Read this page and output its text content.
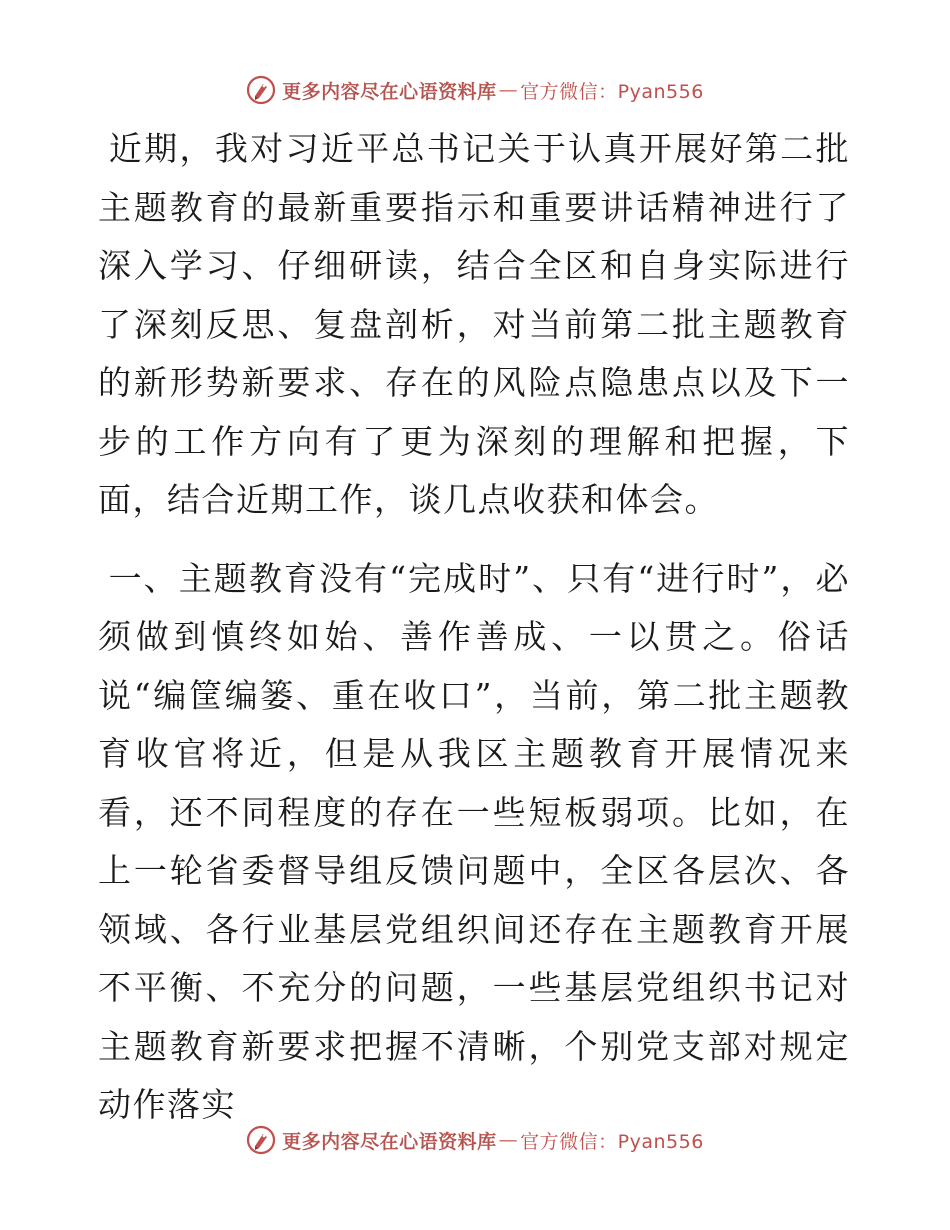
更多内容尽在心语资料库 — 官方微信：Pyan556

近期，我对习近平总书记关于认真开展好第二批主题教育的最新重要指示和重要讲话精神进行了深入学习、仔细研读，结合全区和自身实际进行了深刻反思、复盘剖析，对当前第二批主题教育的新形势新要求、存在的风险点隐患点以及下一步的工作方向有了更为深刻的理解和把握，下面，结合近期工作，谈几点收获和体会。

一、主题教育没有“完成时”、只有“进行时”，必须做到慎终如始、善作善成、一以贯之。俗话说“编筐编篓、重在收口”，当前，第二批主题教育收官将近，但是从我区主题教育开展情况来看，还不同程度的存在一些短板弱项。比如，在上一轮省委督导组反馈问题中，全区各层次、各领域、各行业基层党组织间还存在主题教育开展不平衡、不充分的问题，一些基层党组织书记对主题教育新要求把握不清晰，个别党支部对规定动作落实

更多内容尽在心语资料库 — 官方微信：Pyan556
